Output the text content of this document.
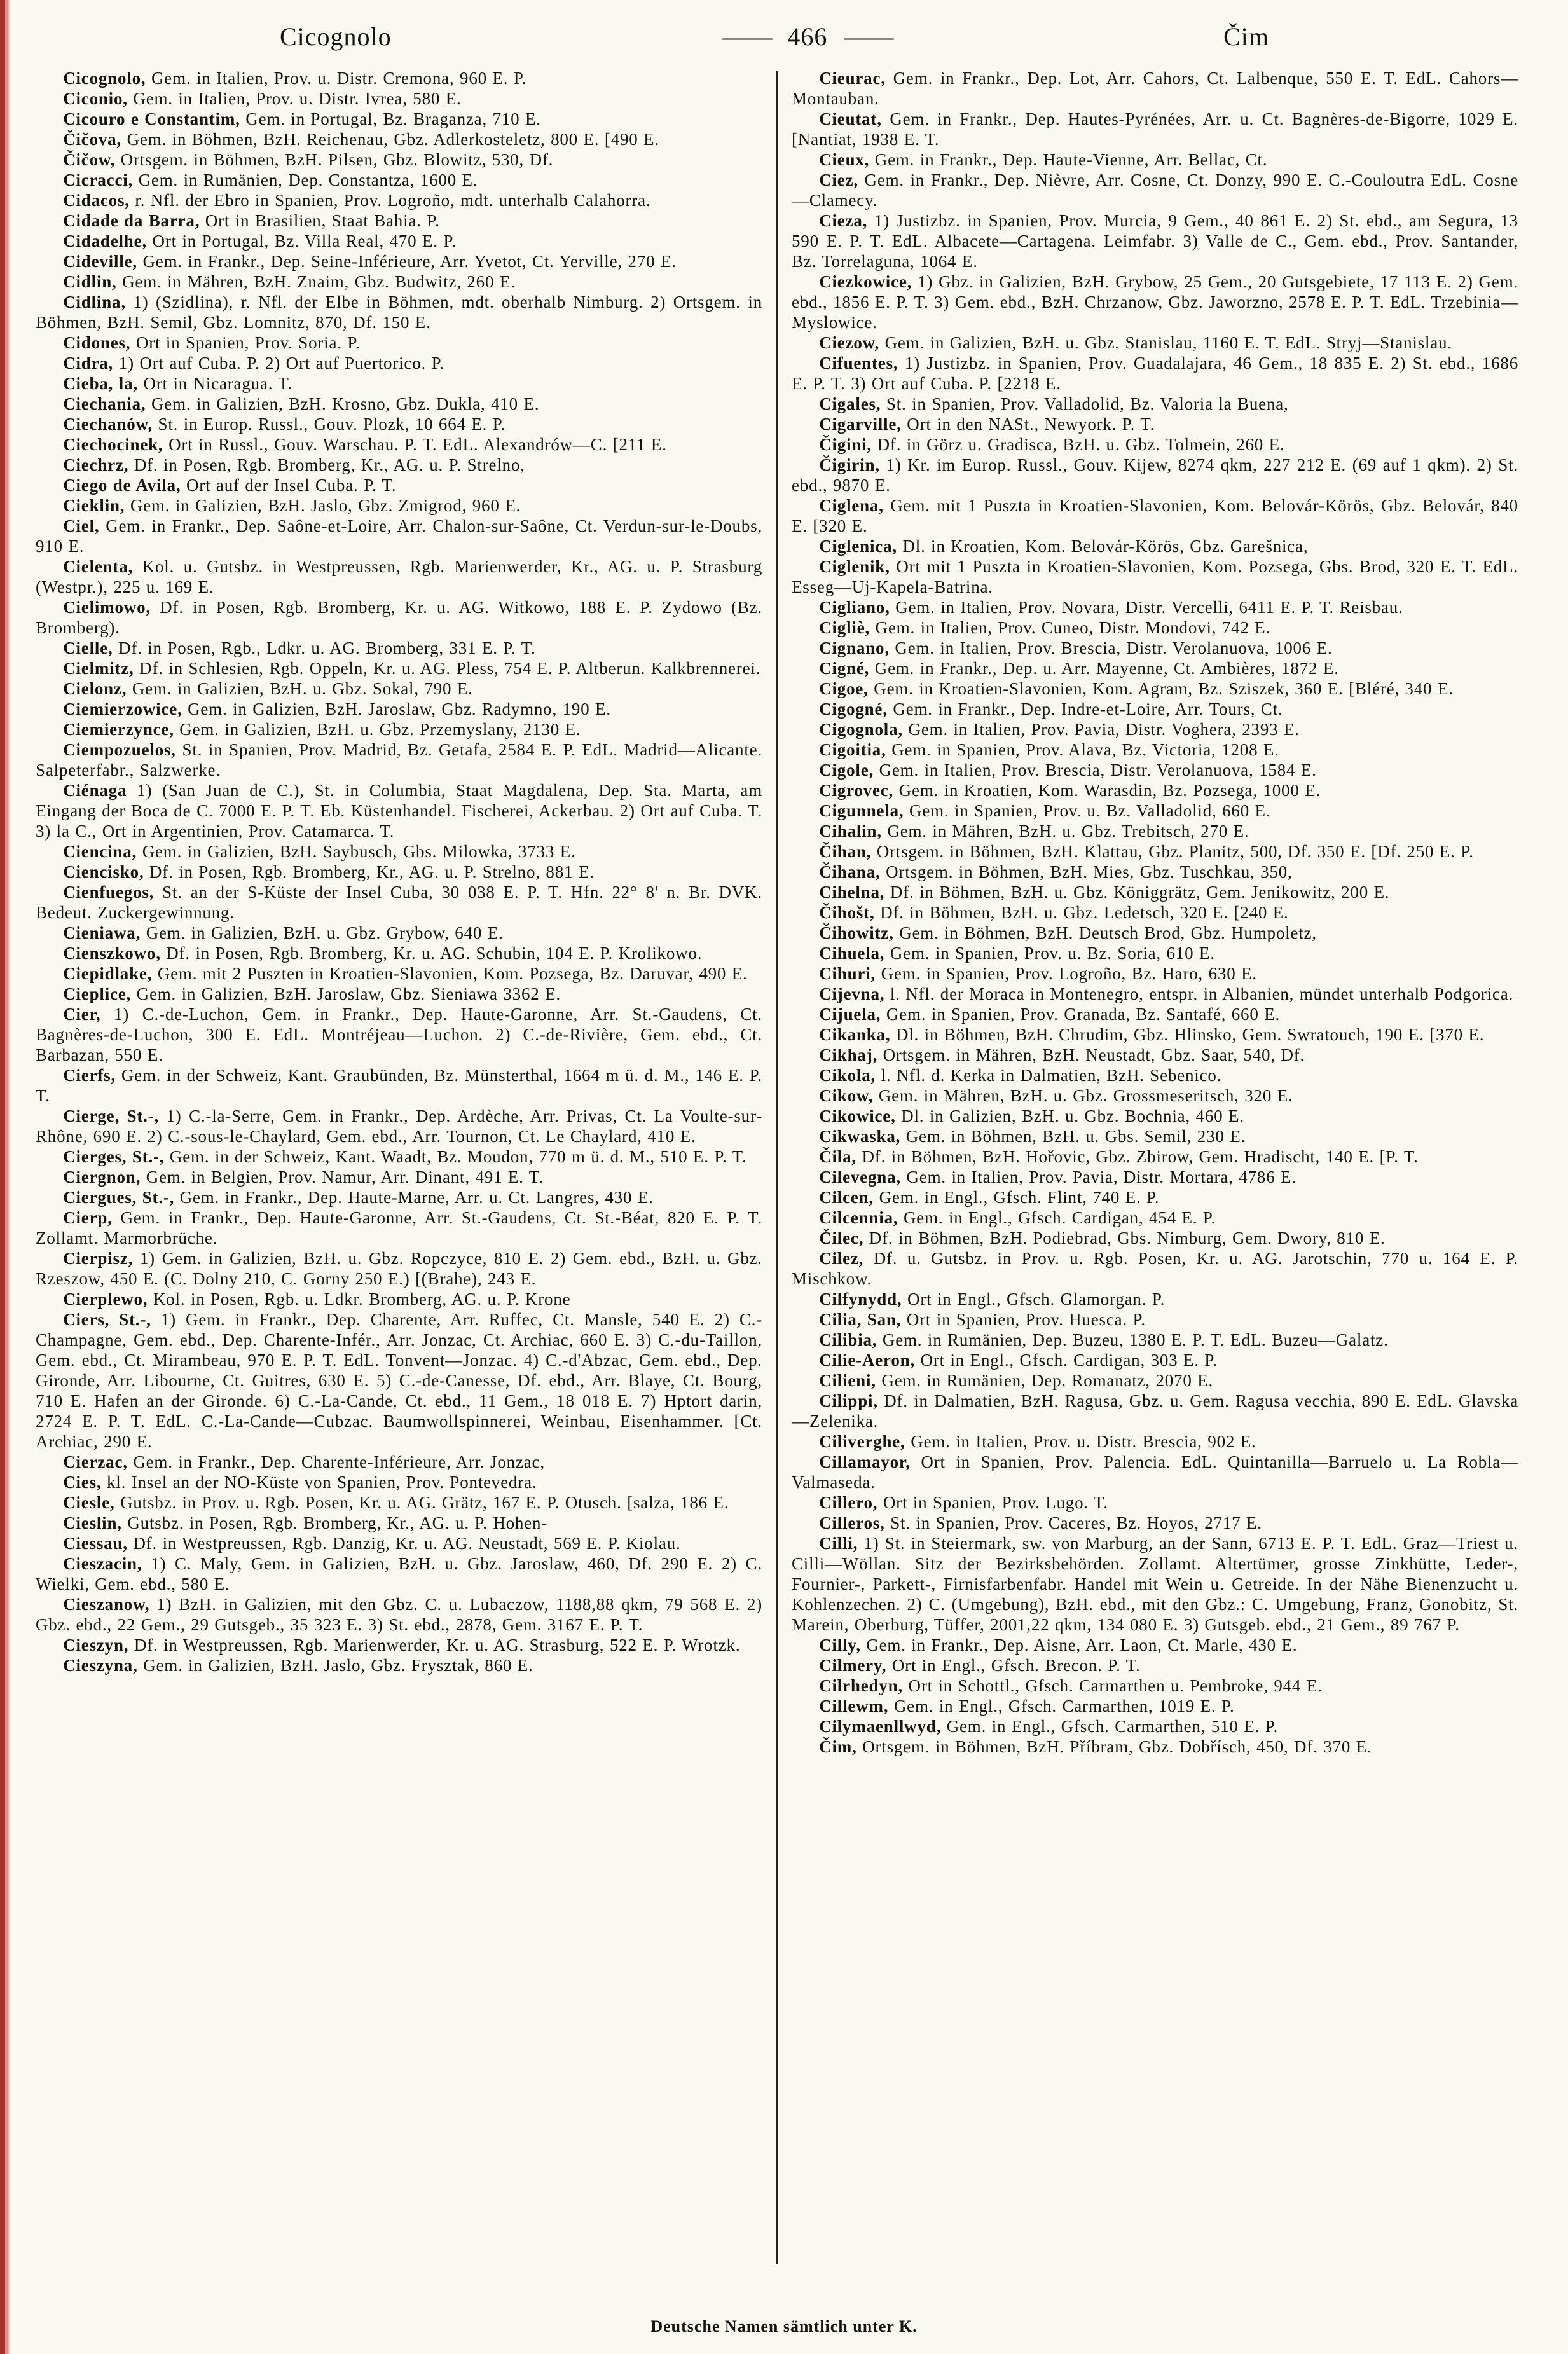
Cicognolo	—— 466 ——	Čim

Cicognolo, Gem. in Italien, Prov. u. Distr. Cremona, 960 E. P.

Ciconio, Gem. in Italien, Prov. u. Distr. Ivrea, 580 E.

Cicouro e Constantim, Gem. in Portugal, Bz. Braganza, 710 E.

Čičova, Gem. in Böhmen, BzH. Reichenau, Gbz. Adlerkosteletz, 800 E. [490 E.

Čičow, Ortsgem. in Böhmen, BzH. Pilsen, Gbz. Blowitz, 530, Df.

Cicracci, Gem. in Rumänien, Dep. Constantza, 1600 E.

Cidacos, r. Nfl. der Ebro in Spanien, Prov. Logroño, mdt. unterhalb Calahorra.

Cidade da Barra, Ort in Brasilien, Staat Bahia. P.

Cidadelhe, Ort in Portugal, Bz. Villa Real, 470 E. P.

Cideville, Gem. in Frankr., Dep. Seine-Inférieure, Arr. Yvetot, Ct. Yerville, 270 E.

Cidlin, Gem. in Mähren, BzH. Znaim, Gbz. Budwitz, 260 E.

Cidlina, 1) (Szidlina), r. Nfl. der Elbe in Böhmen, mdt. oberhalb Nimburg. 2) Ortsgem. in Böhmen, BzH. Semil, Gbz. Lomnitz, 870, Df. 150 E.

Cidones, Ort in Spanien, Prov. Soria. P.

Cidra, 1) Ort auf Cuba. P. 2) Ort auf Puertorico. P.

Cieba, la, Ort in Nicaragua. T.

Ciechania, Gem. in Galizien, BzH. Krosno, Gbz. Dukla, 410 E.

Ciechanów, St. in Europ. Russl., Gouv. Plozk, 10 664 E. P.

Ciechocinek, Ort in Russl., Gouv. Warschau. P. T. EdL. Alexandrów—C. [211 E.

Ciechrz, Df. in Posen, Rgb. Bromberg, Kr., AG. u. P. Strelno,

Ciego de Avila, Ort auf der Insel Cuba. P. T.

Cieklin, Gem. in Galizien, BzH. Jaslo, Gbz. Zmigrod, 960 E.

Ciel, Gem. in Frankr., Dep. Saône-et-Loire, Arr. Chalon-sur-Saône, Ct. Verdun-sur-le-Doubs, 910 E.

Cielenta, Kol. u. Gutsbz. in Westpreussen, Rgb. Marienwerder, Kr., AG. u. P. Strasburg (Westpr.), 225 u. 169 E.

Cielimowo, Df. in Posen, Rgb. Bromberg, Kr. u. AG. Witkowo, 188 E. P. Zydowo (Bz. Bromberg).

Cielle, Df. in Posen, Rgb., Ldkr. u. AG. Bromberg, 331 E. P. T.

Cielmitz, Df. in Schlesien, Rgb. Oppeln, Kr. u. AG. Pless, 754 E. P. Altberun. Kalkbrennerei.

Cielonz, Gem. in Galizien, BzH. u. Gbz. Sokal, 790 E.

Ciemierzowice, Gem. in Galizien, BzH. Jaroslaw, Gbz. Radymno, 190 E.

Ciemierzynce, Gem. in Galizien, BzH. u. Gbz. Przemyslany, 2130 E.

Ciempozuelos, St. in Spanien, Prov. Madrid, Bz. Getafa, 2584 E. P. EdL. Madrid—Alicante. Salpeterfabr., Salzwerke.

Ciénaga 1) (San Juan de C.), St. in Columbia, Staat Magdalena, Dep. Sta. Marta, am Eingang der Boca de C. 7000 E. P. T. Eb. Küstenhandel. Fischerei, Ackerbau. 2) Ort auf Cuba. T. 3) la C., Ort in Argentinien, Prov. Catamarca. T.

Ciencina, Gem. in Galizien, BzH. Saybusch, Gbs. Milowka, 3733 E.

Ciencisko, Df. in Posen, Rgb. Bromberg, Kr., AG. u. P. Strelno, 881 E.

Cienfuegos, St. an der S-Küste der Insel Cuba, 30 038 E. P. T. Hfn. 22° 8' n. Br. DVK. Bedeut. Zuckergewinnung.

Cieniawa, Gem. in Galizien, BzH. u. Gbz. Grybow, 640 E.

Cienszkowo, Df. in Posen, Rgb. Bromberg, Kr. u. AG. Schubin, 104 E. P. Krolikowo.

Ciepidlake, Gem. mit 2 Puszten in Kroatien-Slavonien, Kom. Pozsega, Bz. Daruvar, 490 E.

Cieplice, Gem. in Galizien, BzH. Jaroslaw, Gbz. Sieniawa 3362 E.

Cier, 1) C.-de-Luchon, Gem. in Frankr., Dep. Haute-Garonne, Arr. St.-Gaudens, Ct. Bagnères-de-Luchon, 300 E. EdL. Montréjeau—Luchon. 2) C.-de-Rivière, Gem. ebd., Ct. Barbazan, 550 E.

Cierfs, Gem. in der Schweiz, Kant. Graubünden, Bz. Münsterthal, 1664 m ü. d. M., 146 E. P. T.

Cierge, St.-, 1) C.-la-Serre, Gem. in Frankr., Dep. Ardèche, Arr. Privas, Ct. La Voulte-sur-Rhône, 690 E. 2) C.-sous-le-Chaylard, Gem. ebd., Arr. Tournon, Ct. Le Chaylard, 410 E.

Cierges, St.-, Gem. in der Schweiz, Kant. Waadt, Bz. Moudon, 770 m ü. d. M., 510 E. P. T.

Ciergnon, Gem. in Belgien, Prov. Namur, Arr. Dinant, 491 E. T.

Ciergues, St.-, Gem. in Frankr., Dep. Haute-Marne, Arr. u. Ct. Langres, 430 E.

Cierp, Gem. in Frankr., Dep. Haute-Garonne, Arr. St.-Gaudens, Ct. St.-Béat, 820 E. P. T. Zollamt. Marmorbrüche.

Cierpisz, 1) Gem. in Galizien, BzH. u. Gbz. Ropczyce, 810 E. 2) Gem. ebd., BzH. u. Gbz. Rzeszow, 450 E. (C. Dolny 210, C. Gorny 250 E.) [(Brahe), 243 E.

Cierplewo, Kol. in Posen, Rgb. u. Ldkr. Bromberg, AG. u. P. Krone

Ciers, St.-, 1) Gem. in Frankr., Dep. Charente, Arr. Ruffec, Ct. Mansle, 540 E. 2) C.-Champagne, Gem. ebd., Dep. Charente-Infér., Arr. Jonzac, Ct. Archiac, 660 E. 3) C.-du-Taillon, Gem. ebd., Ct. Mirambeau, 970 E. P. T. EdL. Tonvent—Jonzac. 4) C.-d'Abzac, Gem. ebd., Dep. Gironde, Arr. Libourne, Ct. Guitres, 630 E. 5) C.-de-Canesse, Df. ebd., Arr. Blaye, Ct. Bourg, 710 E. Hafen an der Gironde. 6) C.-La-Cande, Ct. ebd., 11 Gem., 18 018 E. 7) Hptort darin, 2724 E. P. T. EdL. C.-La-Cande—Cubzac. Baumwollspinnerei, Weinbau, Eisenhammer. [Ct. Archiac, 290 E.

Cierzac, Gem. in Frankr., Dep. Charente-Inférieure, Arr. Jonzac,

Cies, kl. Insel an der NO-Küste von Spanien, Prov. Pontevedra.

Ciesle, Gutsbz. in Prov. u. Rgb. Posen, Kr. u. AG. Grätz, 167 E. P. Otusch. [salza, 186 E.

Cieslin, Gutsbz. in Posen, Rgb. Bromberg, Kr., AG. u. P. Hohen-

Ciessau, Df. in Westpreussen, Rgb. Danzig, Kr. u. AG. Neustadt, 569 E. P. Kiolau.

Cieszacin, 1) C. Maly, Gem. in Galizien, BzH. u. Gbz. Jaroslaw, 460, Df. 290 E. 2) C. Wielki, Gem. ebd., 580 E.

Cieszanow, 1) BzH. in Galizien, mit den Gbz. C. u. Lubaczow, 1188,88 qkm, 79 568 E. 2) Gbz. ebd., 22 Gem., 29 Gutsgeb., 35 323 E. 3) St. ebd., 2878, Gem. 3167 E. P. T.

Cieszyn, Df. in Westpreussen, Rgb. Marienwerder, Kr. u. AG. Strasburg, 522 E. P. Wrotzk.

Cieszyna, Gem. in Galizien, BzH. Jaslo, Gbz. Frysztak, 860 E.

Cieurac, Gem. in Frankr., Dep. Lot, Arr. Cahors, Ct. Lalbenque, 550 E. T. EdL. Cahors—Montauban.

Cieutat, Gem. in Frankr., Dep. Hautes-Pyrénées, Arr. u. Ct. Bagnères-de-Bigorre, 1029 E. [Nantiat, 1938 E. T.

Cieux, Gem. in Frankr., Dep. Haute-Vienne, Arr. Bellac, Ct.

Ciez, Gem. in Frankr., Dep. Nièvre, Arr. Cosne, Ct. Donzy, 990 E. C.-Couloutra EdL. Cosne—Clamecy.

Cieza, 1) Justizbz. in Spanien, Prov. Murcia, 9 Gem., 40 861 E. 2) St. ebd., am Segura, 13 590 E. P. T. EdL. Albacete—Cartagena. Leimfabr. 3) Valle de C., Gem. ebd., Prov. Santander, Bz. Torrelaguna, 1064 E.

Ciezkowice, 1) Gbz. in Galizien, BzH. Grybow, 25 Gem., 20 Gutsgebiete, 17 113 E. 2) Gem. ebd., 1856 E. P. T. 3) Gem. ebd., BzH. Chrzanow, Gbz. Jaworzno, 2578 E. P. T. EdL. Trzebinia—Myslowice.

Ciezow, Gem. in Galizien, BzH. u. Gbz. Stanislau, 1160 E. T. EdL. Stryj—Stanislau.

Cifuentes, 1) Justizbz. in Spanien, Prov. Guadalajara, 46 Gem., 18 835 E. 2) St. ebd., 1686 E. P. T. 3) Ort auf Cuba. P. [2218 E.

Cigales, St. in Spanien, Prov. Valladolid, Bz. Valoria la Buena,

Cigarville, Ort in den NASt., Newyork. P. T.

Čigini, Df. in Görz u. Gradisca, BzH. u. Gbz. Tolmein, 260 E.

Čigirin, 1) Kr. im Europ. Russl., Gouv. Kijew, 8274 qkm, 227 212 E. (69 auf 1 qkm). 2) St. ebd., 9870 E.

Ciglena, Gem. mit 1 Puszta in Kroatien-Slavonien, Kom. Belovár-Körös, Gbz. Belovár, 840 E. [320 E.

Ciglenica, Dl. in Kroatien, Kom. Belovár-Körös, Gbz. Garešnica,

Ciglenik, Ort mit 1 Puszta in Kroatien-Slavonien, Kom. Pozsega, Gbs. Brod, 320 E. T. EdL. Esseg—Uj-Kapela-Batrina.

Cigliano, Gem. in Italien, Prov. Novara, Distr. Vercelli, 6411 E. P. T. Reisbau.

Cigliè, Gem. in Italien, Prov. Cuneo, Distr. Mondovi, 742 E.

Cignano, Gem. in Italien, Prov. Brescia, Distr. Verolanuova, 1006 E.

Cigné, Gem. in Frankr., Dep. u. Arr. Mayenne, Ct. Ambières, 1872 E.

Cigoe, Gem. in Kroatien-Slavonien, Kom. Agram, Bz. Sziszek, 360 E. [Bléré, 340 E.

Cigogné, Gem. in Frankr., Dep. Indre-et-Loire, Arr. Tours, Ct.

Cigognola, Gem. in Italien, Prov. Pavia, Distr. Voghera, 2393 E.

Cigoitia, Gem. in Spanien, Prov. Alava, Bz. Victoria, 1208 E.

Cigole, Gem. in Italien, Prov. Brescia, Distr. Verolanuova, 1584 E.

Cigrovec, Gem. in Kroatien, Kom. Warasdin, Bz. Pozsega, 1000 E.

Cigunnela, Gem. in Spanien, Prov. u. Bz. Valladolid, 660 E.

Cihalin, Gem. in Mähren, BzH. u. Gbz. Trebitsch, 270 E.

Čihan, Ortsgem. in Böhmen, BzH. Klattau, Gbz. Planitz, 500, Df. 350 E. [Df. 250 E. P.

Čihana, Ortsgem. in Böhmen, BzH. Mies, Gbz. Tuschkau, 350,

Cihelna, Df. in Böhmen, BzH. u. Gbz. Königgrätz, Gem. Jenikowitz, 200 E.

Čihošt, Df. in Böhmen, BzH. u. Gbz. Ledetsch, 320 E. [240 E.

Čihowitz, Gem. in Böhmen, BzH. Deutsch Brod, Gbz. Humpoletz,

Cihuela, Gem. in Spanien, Prov. u. Bz. Soria, 610 E.

Cihuri, Gem. in Spanien, Prov. Logroño, Bz. Haro, 630 E.

Cijevna, l. Nfl. der Moraca in Montenegro, entspr. in Albanien, mündet unterhalb Podgorica.

Cijuela, Gem. in Spanien, Prov. Granada, Bz. Santafé, 660 E.

Cikanka, Dl. in Böhmen, BzH. Chrudim, Gbz. Hlinsko, Gem. Swratouch, 190 E. [370 E.

Cikhaj, Ortsgem. in Mähren, BzH. Neustadt, Gbz. Saar, 540, Df.

Cikola, l. Nfl. d. Kerka in Dalmatien, BzH. Sebenico.

Cikow, Gem. in Mähren, BzH. u. Gbz. Grossmeseritsch, 320 E.

Cikowice, Dl. in Galizien, BzH. u. Gbz. Bochnia, 460 E.

Cikwaska, Gem. in Böhmen, BzH. u. Gbs. Semil, 230 E.

Čila, Df. in Böhmen, BzH. Hořovic, Gbz. Zbirow, Gem. Hradischt, 140 E. [P. T.

Cilevegna, Gem. in Italien, Prov. Pavia, Distr. Mortara, 4786 E.

Cilcen, Gem. in Engl., Gfsch. Flint, 740 E. P.

Cilcennia, Gem. in Engl., Gfsch. Cardigan, 454 E. P.

Čilec, Df. in Böhmen, BzH. Podiebrad, Gbs. Nimburg, Gem. Dwory, 810 E.

Cilez, Df. u. Gutsbz. in Prov. u. Rgb. Posen, Kr. u. AG. Jarotschin, 770 u. 164 E. P. Mischkow.

Cilfynydd, Ort in Engl., Gfsch. Glamorgan. P.

Cilia, San, Ort in Spanien, Prov. Huesca. P.

Cilibia, Gem. in Rumänien, Dep. Buzeu, 1380 E. P. T. EdL. Buzeu—Galatz.

Cilie-Aeron, Ort in Engl., Gfsch. Cardigan, 303 E. P.

Cilieni, Gem. in Rumänien, Dep. Romanatz, 2070 E.

Cilippi, Df. in Dalmatien, BzH. Ragusa, Gbz. u. Gem. Ragusa vecchia, 890 E. EdL. Glavska—Zelenika.

Ciliverghe, Gem. in Italien, Prov. u. Distr. Brescia, 902 E.

Cillamayor, Ort in Spanien, Prov. Palencia. EdL. Quintanilla—Barruelo u. La Robla—Valmaseda.

Cillero, Ort in Spanien, Prov. Lugo. T.

Cilleros, St. in Spanien, Prov. Caceres, Bz. Hoyos, 2717 E.

Cilli, 1) St. in Steiermark, sw. von Marburg, an der Sann, 6713 E. P. T. EdL. Graz—Triest u. Cilli—Wöllan. Sitz der Bezirksbehörden. Zollamt. Altertümer, grosse Zinkhütte, Leder-, Fournier-, Parkett-, Firnisfarbenfabr. Handel mit Wein u. Getreide. In der Nähe Bienenzucht u. Kohlenzechen. 2) C. (Umgebung), BzH. ebd., mit den Gbz.: C. Umgebung, Franz, Gonobitz, St. Marein, Oberburg, Tüffer, 2001,22 qkm, 134 080 E. 3) Gutsgeb. ebd., 21 Gem., 89 767 P.

Cilly, Gem. in Frankr., Dep. Aisne, Arr. Laon, Ct. Marle, 430 E.

Cilmery, Ort in Engl., Gfsch. Brecon. P. T.

Cilrhedyn, Ort in Schottl., Gfsch. Carmarthen u. Pembroke, 944 E.

Cillewm, Gem. in Engl., Gfsch. Carmarthen, 1019 E. P.

Cilymaenllwyd, Gem. in Engl., Gfsch. Carmarthen, 510 E. P.

Čim, Ortsgem. in Böhmen, BzH. Příbram, Gbz. Dobřísch, 450, Df. 370 E.

Deutsche Namen sämtlich unter K.
